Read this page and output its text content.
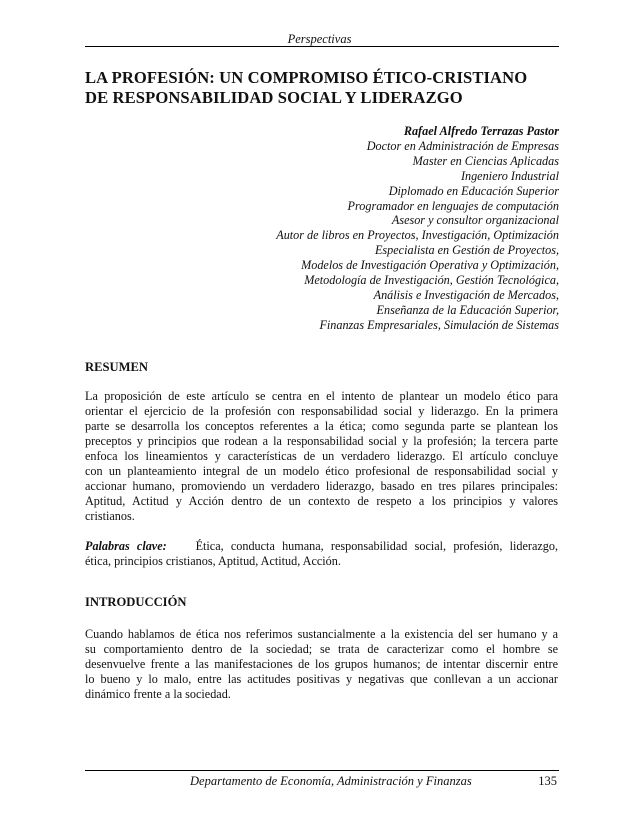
Perspectivas
LA PROFESIÓN: UN COMPROMISO ÉTICO-CRISTIANO
DE RESPONSABILIDAD SOCIAL Y LIDERAZGO
Rafael Alfredo Terrazas Pastor
Doctor en Administración de Empresas
Master en Ciencias Aplicadas
Ingeniero Industrial
Diplomado en Educación Superior
Programador en lenguajes de computación
Asesor y consultor organizacional
Autor de libros en Proyectos, Investigación, Optimización
Especialista en Gestión de Proyectos,
Modelos de Investigación Operativa y Optimización,
Metodología de Investigación, Gestión Tecnológica,
Análisis e Investigación de Mercados,
Enseñanza de la Educación Superior,
Finanzas Empresariales, Simulación de Sistemas
RESUMEN

La proposición de este artículo se centra en el intento de plantear un modelo ético para
orientar el ejercicio de la profesión con responsabilidad social y liderazgo. En la primera
parte se desarrolla los conceptos referentes a la ética; como segunda parte se plantean los
preceptos y principios que rodean a la responsabilidad social y la profesión; la tercera parte
enfoca los lineamientos y características de un verdadero liderazgo. El artículo concluye
con un planteamiento integral de un modelo ético profesional de responsabilidad social y
accionar humano, promoviendo un verdadero liderazgo, basado en tres pilares principales:
Aptitud, Actitud y Acción dentro de un contexto de respeto a los principios y valores
cristianos.

Palabras clave: Ética, conducta humana, responsabilidad social, profesión, liderazgo,
ética, principios cristianos, Aptitud, Actitud, Acción.

INTRODUCCIÓN

Cuando hablamos de ética nos referimos sustancialmente a la existencia del ser humano y a
su comportamiento dentro de la sociedad; se trata de caracterizar como el hombre se
desenvuelve frente a las manifestaciones de los grupos humanos; de intentar discernir entre
lo bueno y lo malo, entre las actitudes positivas y negativas que conllevan a un accionar
dinámico frente a la sociedad.

Departamento de Economía, Administración y Finanzas	135
